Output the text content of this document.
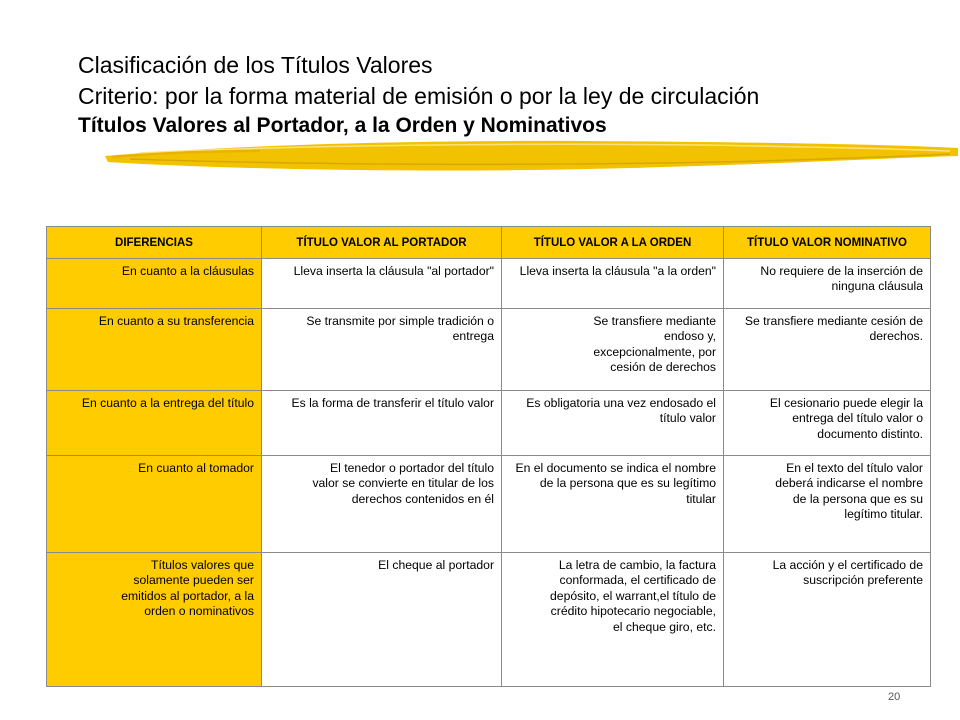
Clasificación de los Títulos Valores
Criterio: por la forma material de emisión o por la ley de circulación
Títulos Valores al Portador, a la Orden y Nominativos
DIFERENCIAS	TÍTULO VALOR AL PORTADOR	TÍTULO VALOR A LA ORDEN	TÍTULO VALOR NOMINATIVO
En cuanto a la cláusulas	Lleva inserta la cláusula "al portador"	Lleva inserta la cláusula "a la orden"	No requiere de la inserción de ninguna cláusula
En cuanto a su transferencia	Se transmite por simple tradición o entrega	Se transfiere mediante endoso y, excepcionalmente, por cesión de derechos	Se transfiere mediante cesión de derechos.
En cuanto a la entrega del título	Es la forma de transferir el título valor	Es obligatoria una vez endosado el título valor	El cesionario puede elegir la entrega del título valor o documento distinto.
En cuanto al tomador	El tenedor o portador del título valor se convierte en titular de los derechos contenidos en él	En el documento se indica el nombre de la persona que es su legítimo titular	En el texto del título valor deberá indicarse el nombre de la persona que es su legítimo titular.
Títulos valores que solamente pueden ser emitidos al portador, a la orden o nominativos	El cheque al portador	La letra de cambio, la factura conformada, el certificado de depósito, el warrant,el título de crédito hipotecario negociable, el cheque giro, etc.	La acción y el certificado de suscripción preferente
20
